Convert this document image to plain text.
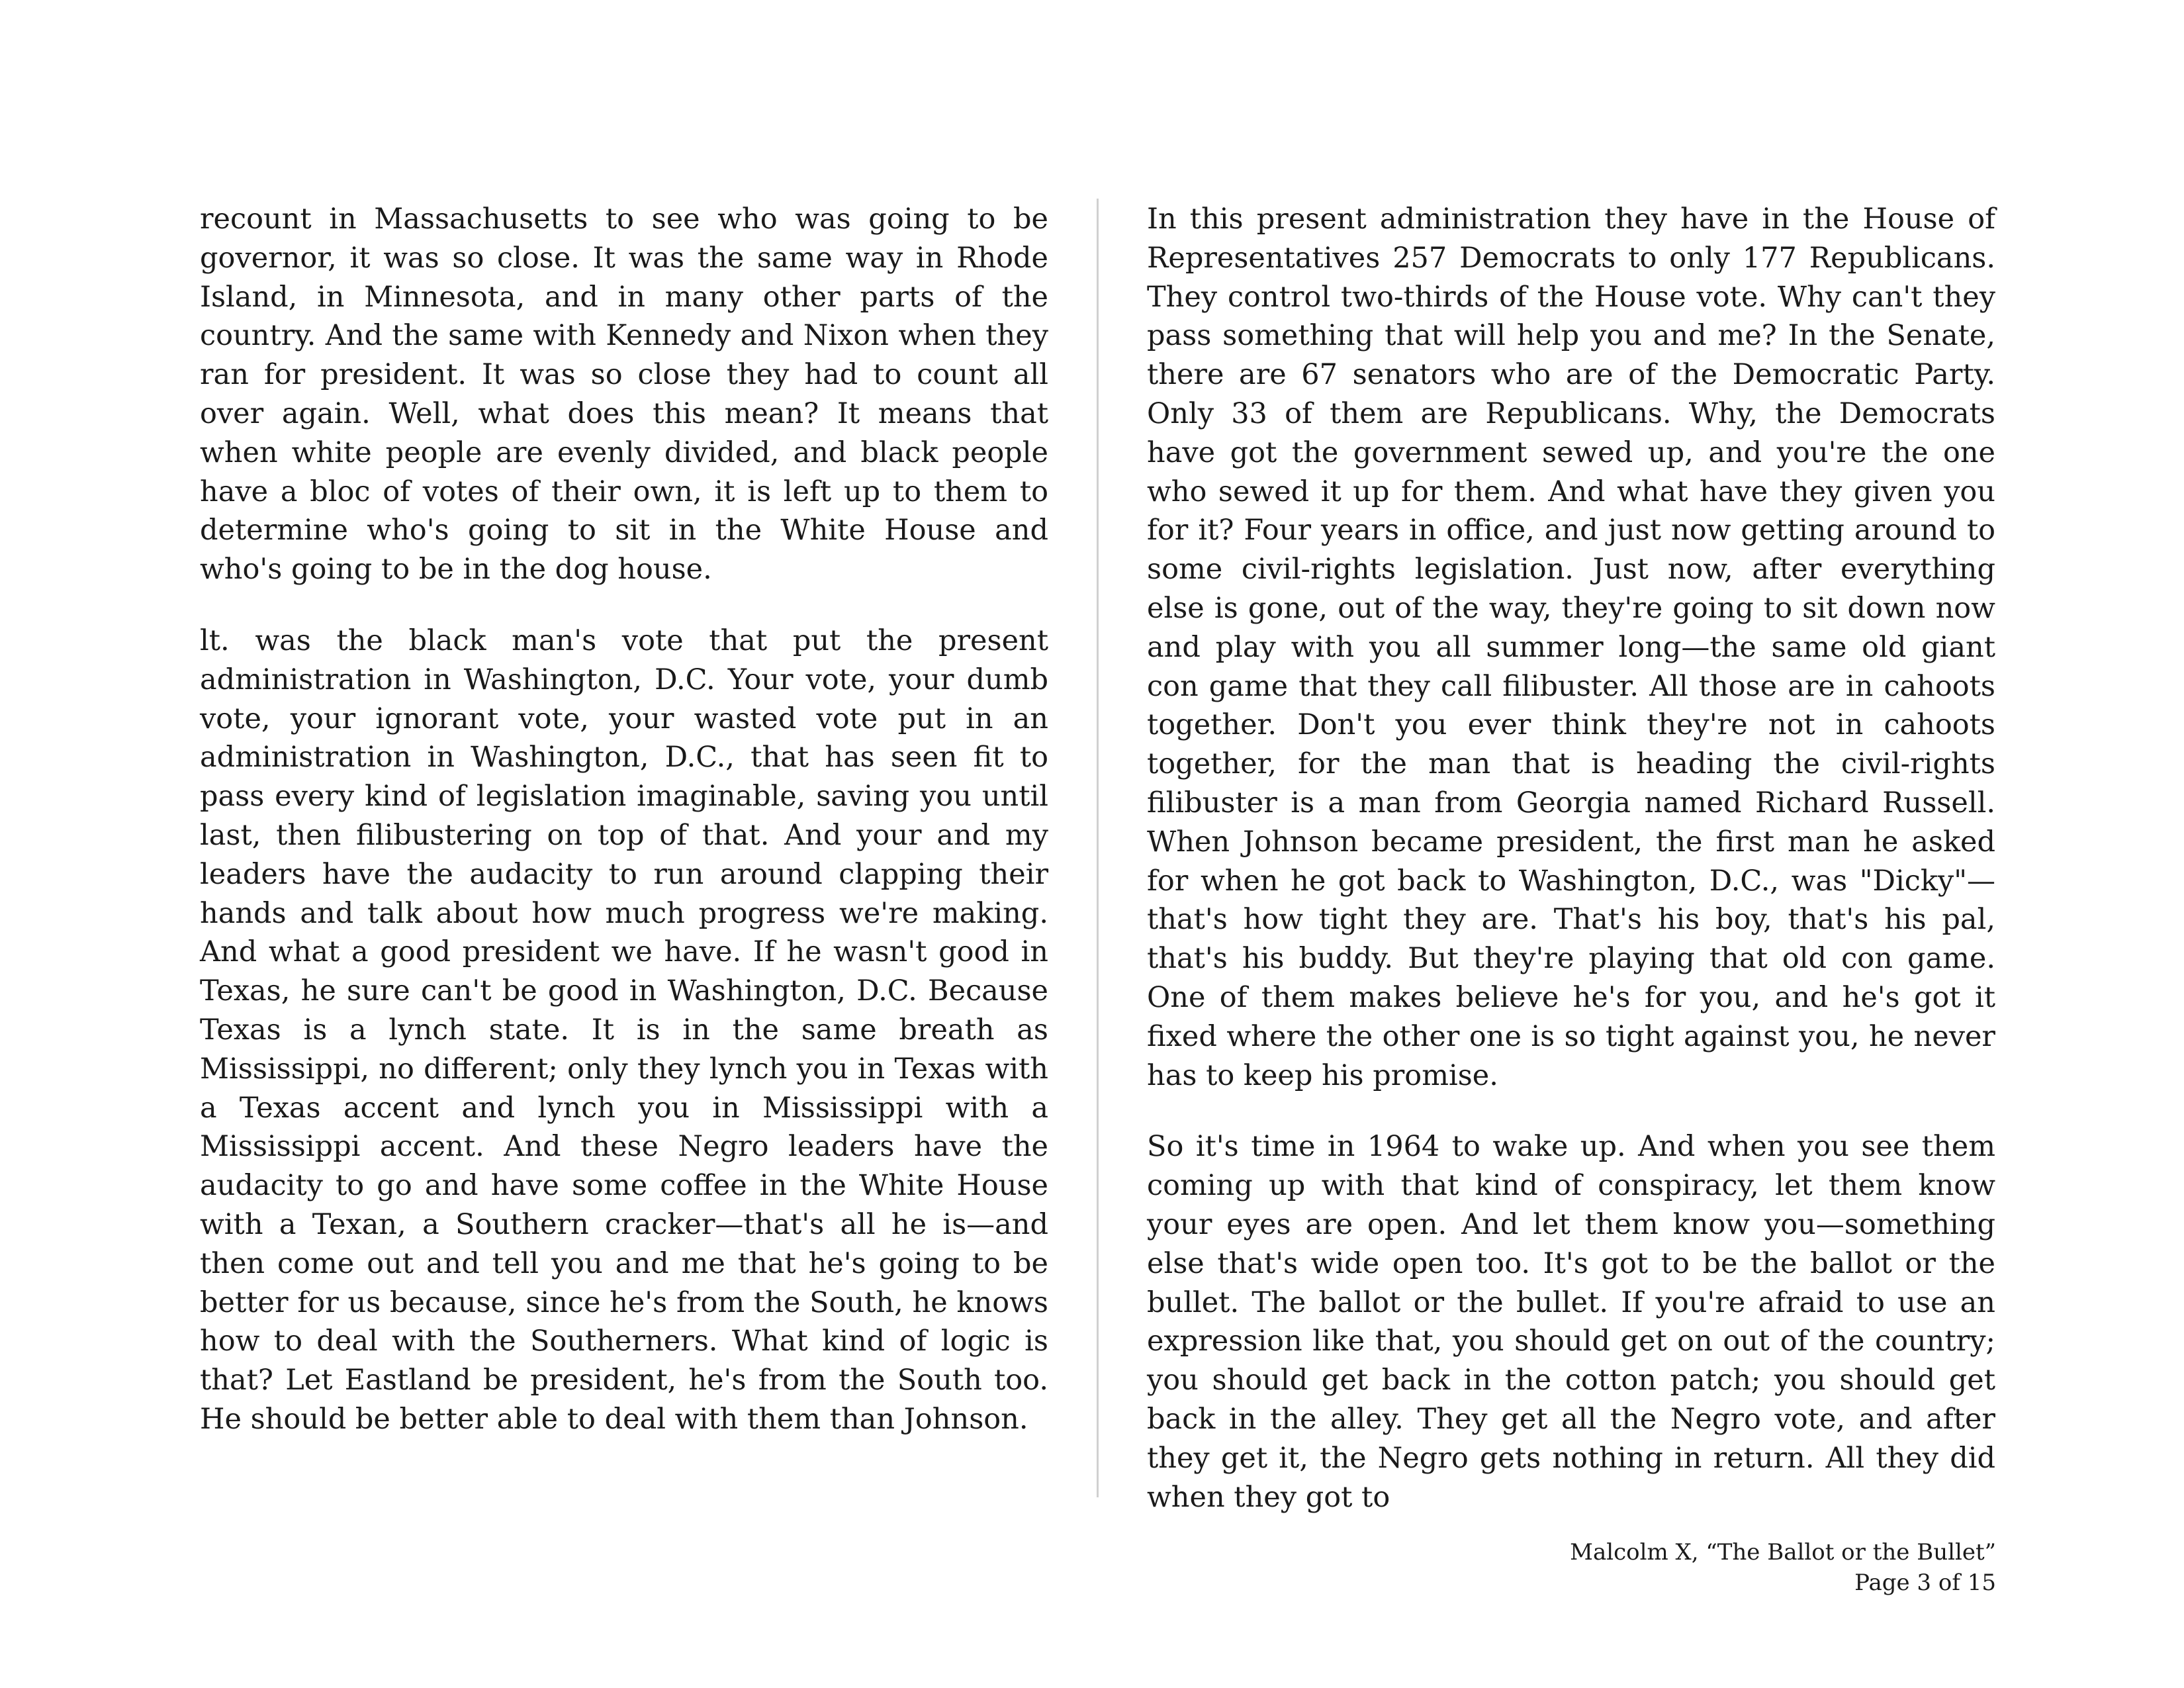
recount in Massachusetts to see who was going to be governor, it was so close. It was the same way in Rhode Island, in Minnesota, and in many other parts of the country. And the same with Kennedy and Nixon when they ran for president. It was so close they had to count all over again. Well, what does this mean? It means that when white people are evenly divided, and black people have a bloc of votes of their own, it is left up to them to determine who's going to sit in the White House and who's going to be in the dog house.

lt. was the black man's vote that put the present administration in Washington, D.C. Your vote, your dumb vote, your ignorant vote, your wasted vote put in an administration in Washington, D.C., that has seen fit to pass every kind of legislation imaginable, saving you until last, then filibustering on top of that. And your and my leaders have the audacity to run around clapping their hands and talk about how much progress we're making. And what a good president we have. If he wasn't good in Texas, he sure can't be good in Washington, D.C. Because Texas is a lynch state. It is in the same breath as Mississippi, no different; only they lynch you in Texas with a Texas accent and lynch you in Mississippi with a Mississippi accent. And these Negro leaders have the audacity to go and have some coffee in the White House with a Texan, a Southern cracker—that's all he is—and then come out and tell you and me that he's going to be better for us because, since he's from the South, he knows how to deal with the Southerners. What kind of logic is that? Let Eastland be president, he's from the South too. He should be better able to deal with them than Johnson.

In this present administration they have in the House of Representatives 257 Democrats to only 177 Republicans. They control two-thirds of the House vote. Why can't they pass something that will help you and me? In the Senate, there are 67 senators who are of the Democratic Party. Only 33 of them are Republicans. Why, the Democrats have got the government sewed up, and you're the one who sewed it up for them. And what have they given you for it? Four years in office, and just now getting around to some civil-rights legislation. Just now, after everything else is gone, out of the way, they're going to sit down now and play with you all summer long—the same old giant con game that they call filibuster. All those are in cahoots together. Don't you ever think they're not in cahoots together, for the man that is heading the civil-rights filibuster is a man from Georgia named Richard Russell. When Johnson became president, the first man he asked for when he got back to Washington, D.C., was "Dicky"—that's how tight they are. That's his boy, that's his pal, that's his buddy. But they're playing that old con game. One of them makes believe he's for you, and he's got it fixed where the other one is so tight against you, he never has to keep his promise.

So it's time in 1964 to wake up. And when you see them coming up with that kind of conspiracy, let them know your eyes are open. And let them know you—something else that's wide open too. It's got to be the ballot or the bullet. The ballot or the bullet. If you're afraid to use an expression like that, you should get on out of the country; you should get back in the cotton patch; you should get back in the alley. They get all the Negro vote, and after they get it, the Negro gets nothing in return. All they did when they got to

Malcolm X, “The Ballot or the Bullet”
Page 3 of 15
